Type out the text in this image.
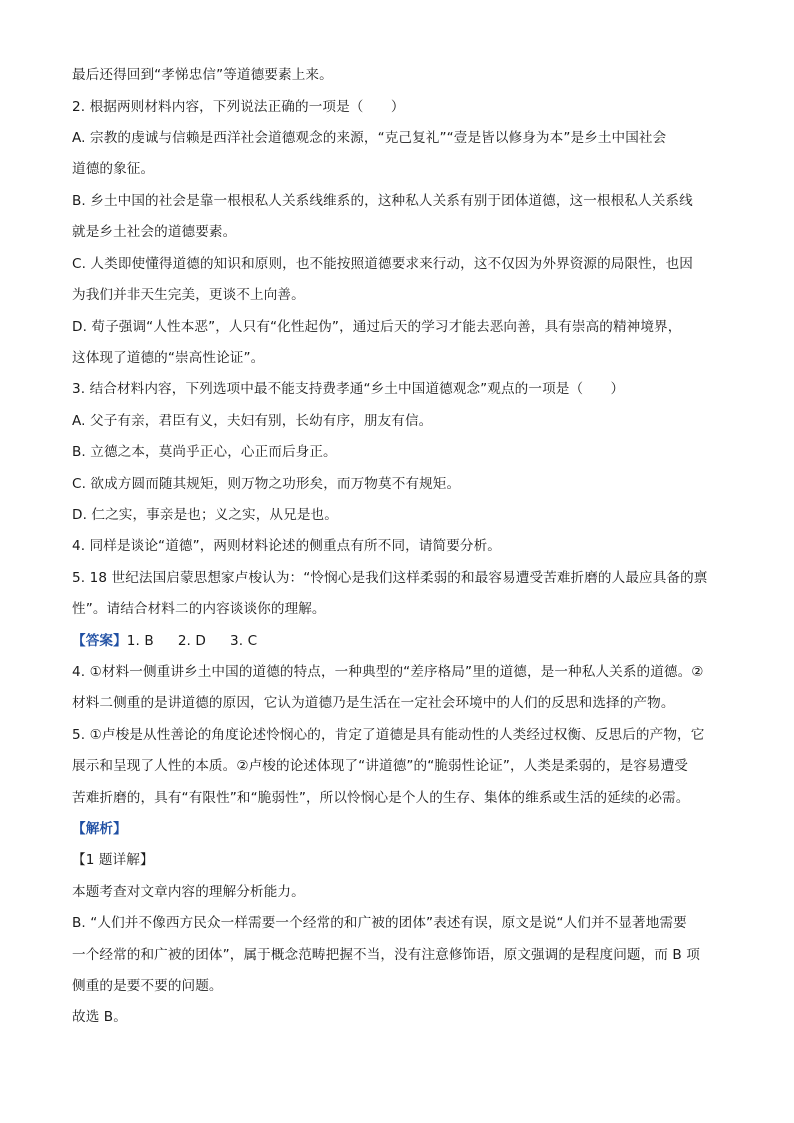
最后还得回到“孝悌忠信”等道德要素上来。
2. 根据两则材料内容，下列说法正确的一项是（　　）
A. 宗教的虔诚与信赖是西洋社会道德观念的来源，“克己复礼”“壹是皆以修身为本”是乡土中国社会
道德的象征。
B. 乡土中国的社会是靠一根根私人关系线维系的，这种私人关系有别于团体道德，这一根根私人关系线
就是乡土社会的道德要素。
C. 人类即使懂得道德的知识和原则，也不能按照道德要求来行动，这不仅因为外界资源的局限性，也因
为我们并非天生完美，更谈不上向善。
D. 荀子强调“人性本恶”，人只有“化性起伪”，通过后天的学习才能去恶向善，具有崇高的精神境界，
这体现了道德的“崇高性论证”。
3. 结合材料内容，下列选项中最不能支持费孝通“乡土中国道德观念”观点的一项是（　　）
A. 父子有亲，君臣有义，夫妇有别，长幼有序，朋友有信。
B. 立德之本，莫尚乎正心，心正而后身正。
C. 欲成方圆而随其规矩，则万物之功形矣，而万物莫不有规矩。
D. 仁之实，事亲是也；义之实，从兄是也。
4. 同样是谈论“道德”，两则材料论述的侧重点有所不同，请简要分析。
5. 18 世纪法国启蒙思想家卢梭认为：“怜悯心是我们这样柔弱的和最容易遭受苦难折磨的人最应具备的禀
性”。请结合材料二的内容谈谈你的理解。
【答案】1. B 2. D 3. C
4. ①材料一侧重讲乡土中国的道德的特点，一种典型的“差序格局”里的道德，是一种私人关系的道德。②
材料二侧重的是讲道德的原因，它认为道德乃是生活在一定社会环境中的人们的反思和选择的产物。
5. ①卢梭是从性善论的角度论述怜悯心的，肯定了道德是具有能动性的人类经过权衡、反思后的产物，它
展示和呈现了人性的本质。②卢梭的论述体现了“讲道德”的“脆弱性论证”，人类是柔弱的，是容易遭受
苦难折磨的，具有“有限性”和“脆弱性”，所以怜悯心是个人的生存、集体的维系或生活的延续的必需。
【解析】
【1 题详解】
本题考查对文章内容的理解分析能力。
B. “人们并不像西方民众一样需要一个经常的和广被的团体”表述有误，原文是说“人们并不显著地需要
一个经常的和广被的团体”，属于概念范畴把握不当，没有注意修饰语，原文强调的是程度问题，而 B 项
侧重的是要不要的问题。
故选 B。
